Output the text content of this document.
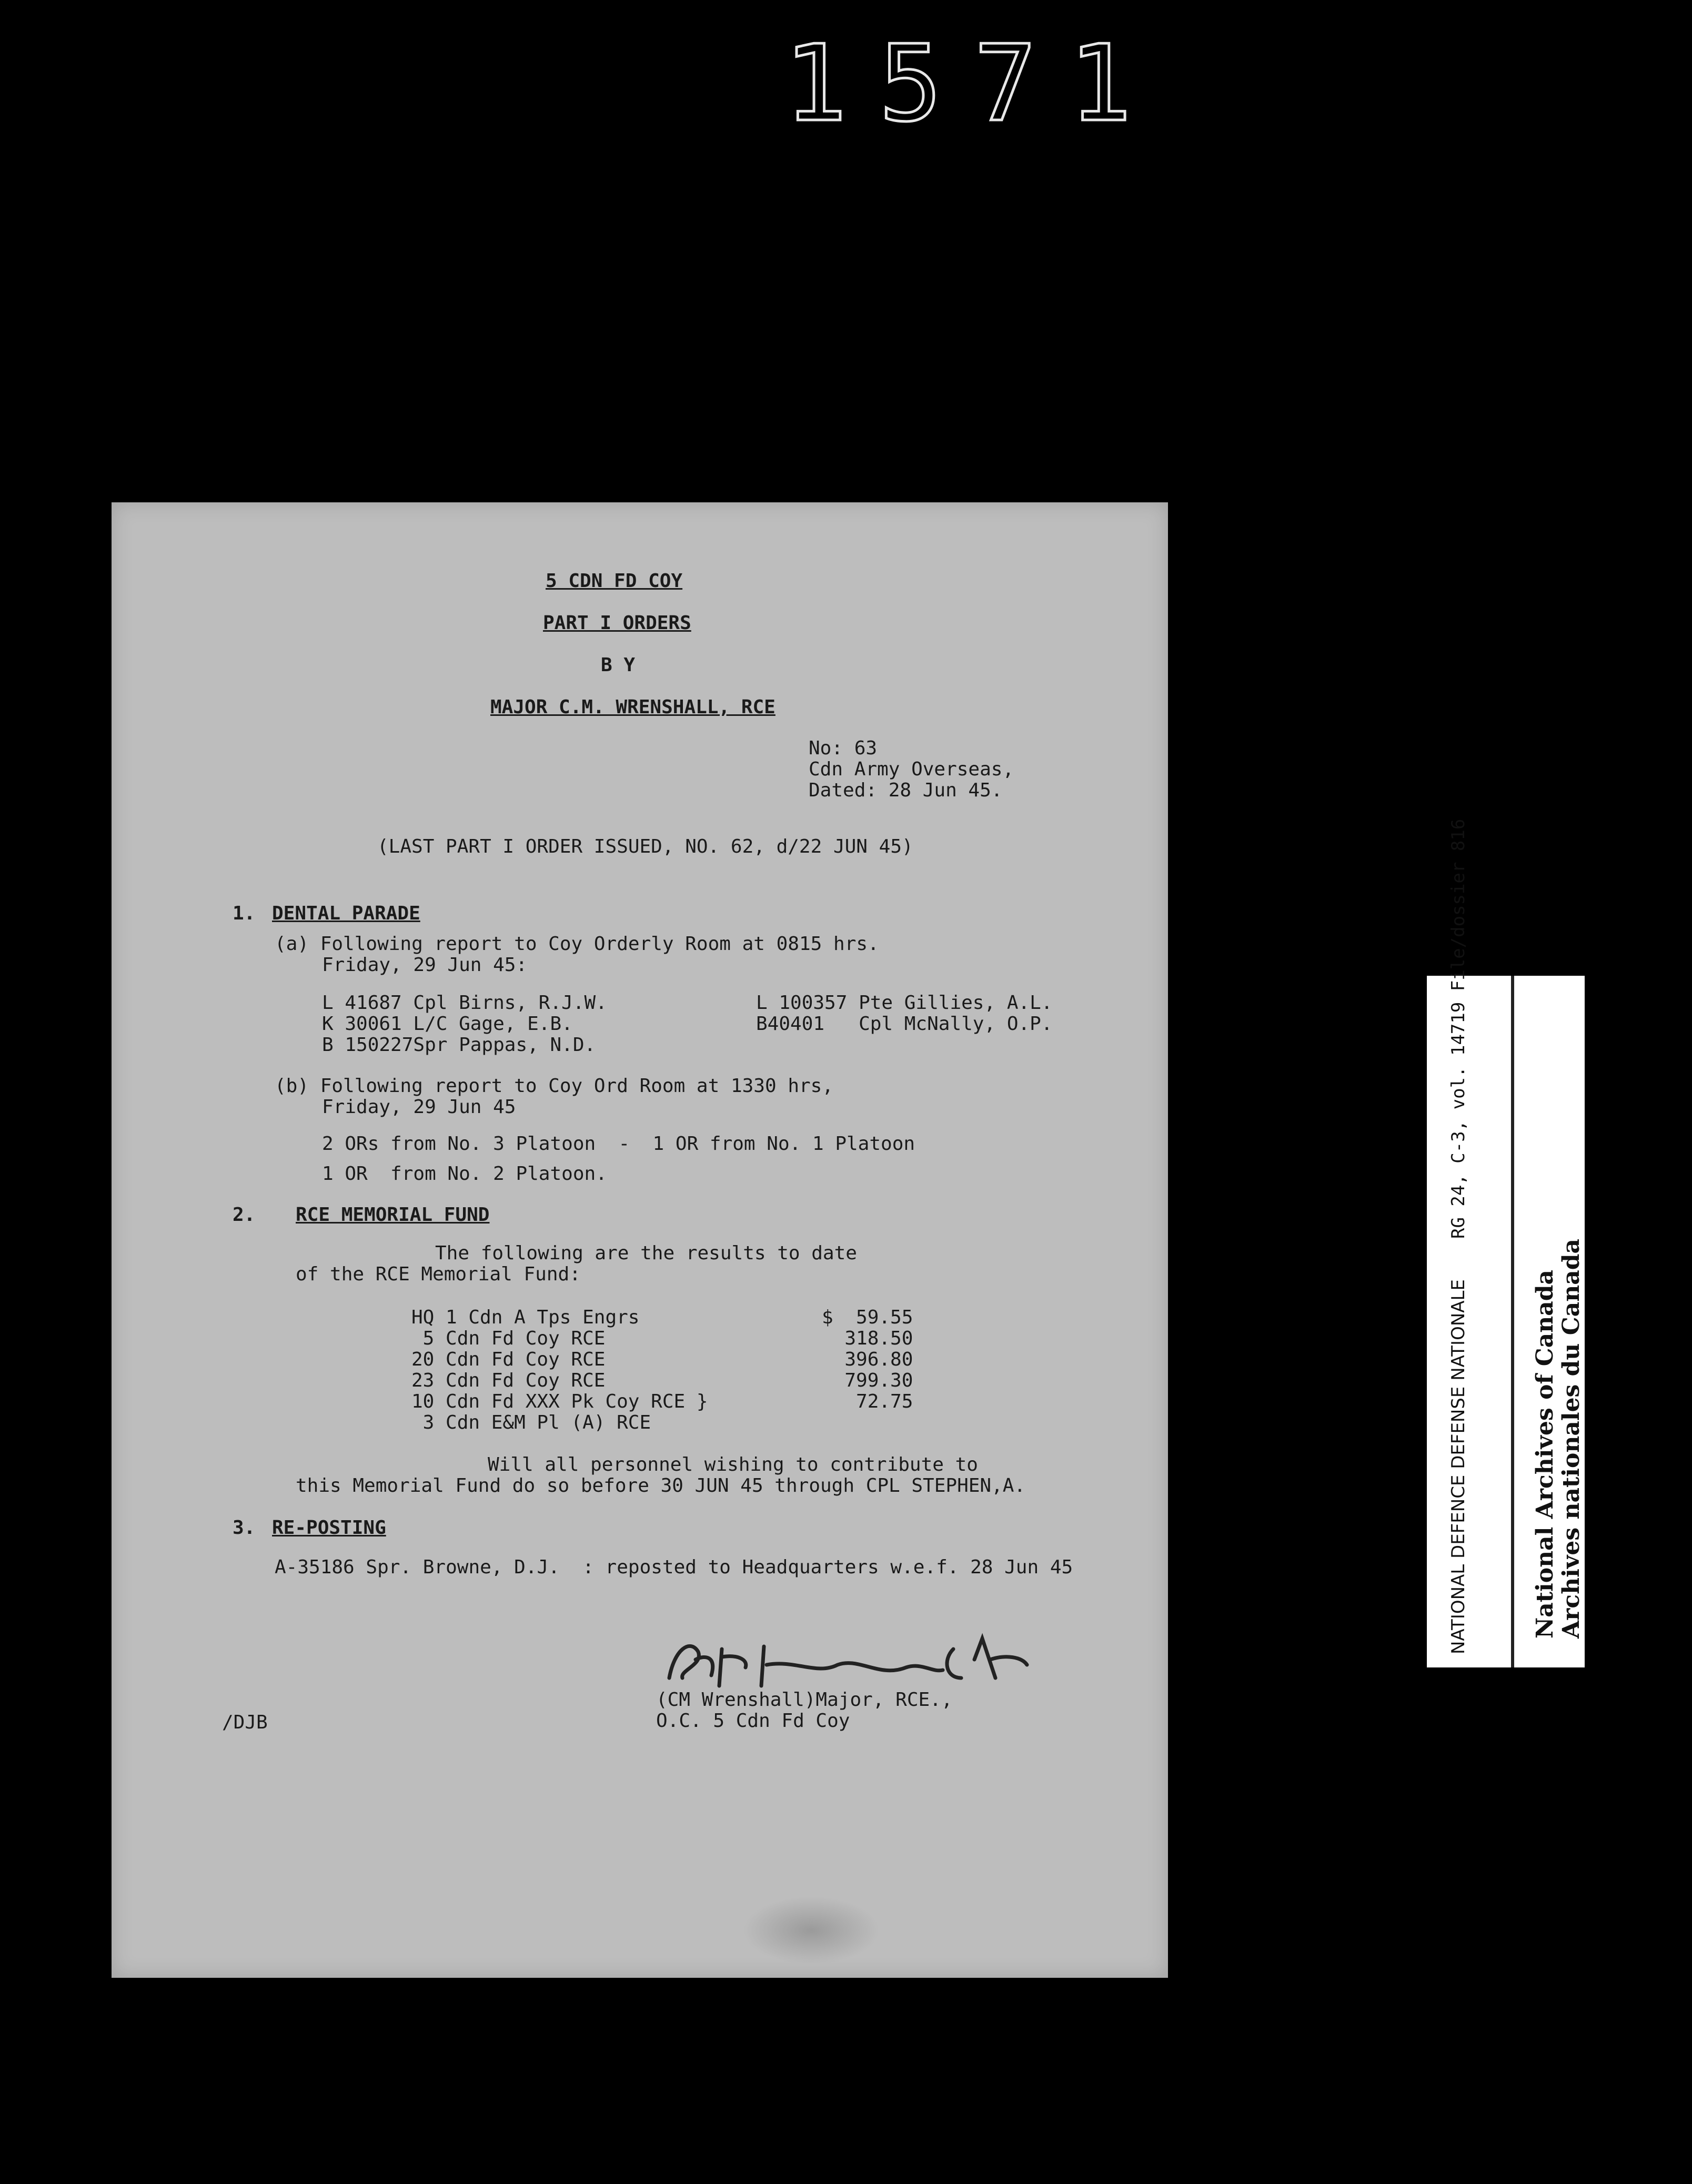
1571
5 CDN FD COY
PART I ORDERS
B Y
MAJOR C.M. WRENSHALL, RCE
No: 63
Cdn Army Overseas,
Dated: 28 Jun 45.
(LAST PART I ORDER ISSUED, NO. 62, d/22 JUN 45)
1. DENTAL PARADE
(a) Following report to Coy Orderly Room at 0815 hrs.
Friday, 29 Jun 45:
L 41687 Cpl Birns, R.J.W.	L 100357 Pte Gillies, A.L.
K 30061 L/C Gage, E.B.	B40401   Cpl McNally, O.P.
B 150227Spr Pappas, N.D.
(b) Following report to Coy Ord Room at 1330 hrs,
Friday, 29 Jun 45
2 ORs from No. 3 Platoon  -  1 OR from No. 1 Platoon
1 OR  from No. 2 Platoon.
2. RCE MEMORIAL FUND
The following are the results to date
of the RCE Memorial Fund:
HQ 1 Cdn A Tps Engrs	$  59.55
5 Cdn Fd Coy RCE	318.50
20 Cdn Fd Coy RCE	396.80
23 Cdn Fd Coy RCE	799.30
10 Cdn Fd XXX Pk Coy RCE }	72.75
3 Cdn E&M Pl (A) RCE
Will all personnel wishing to contribute to
this Memorial Fund do so before 30 JUN 45 through CPL STEPHEN,A.
3. RE-POSTING
A-35186 Spr. Browne, D.J.  : reposted to Headquarters w.e.f. 28 Jun 45
(CM Wrenshall)Major, RCE.,
O.C. 5 Cdn Fd Coy
/DJB
RG 24, C-3, vol. 14719 File/dossier 816
NATIONAL DEFENCE DEFENSE NATIONALE	National Archives of Canada Archives nationales du Canada
